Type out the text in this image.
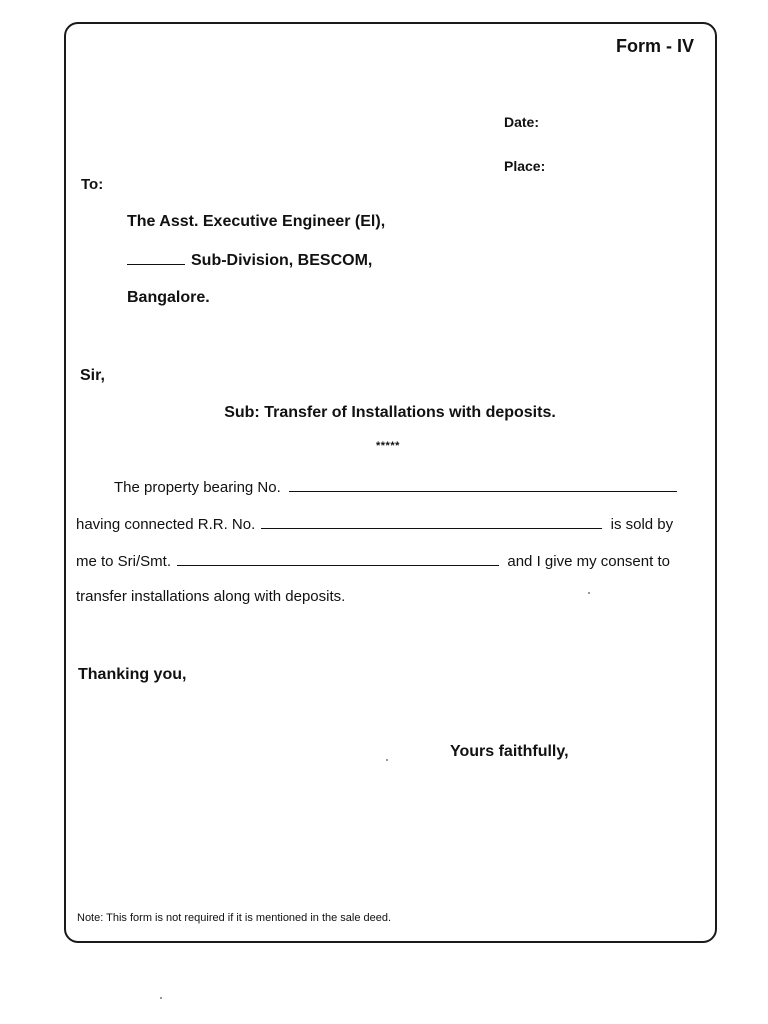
Form - IV
Date:
Place:
To:
The Asst. Executive Engineer (El),
Sub-Division, BESCOM,
Bangalore.
Sir,
Sub: Transfer of Installations with deposits.
*****
The property bearing No.
having connected R.R. No.	is sold by
me to Sri/Smt.	and I give my consent to
transfer installations along with deposits.
Thanking you,
Yours faithfully,
Note: This form is not required if it is mentioned in the sale deed.
